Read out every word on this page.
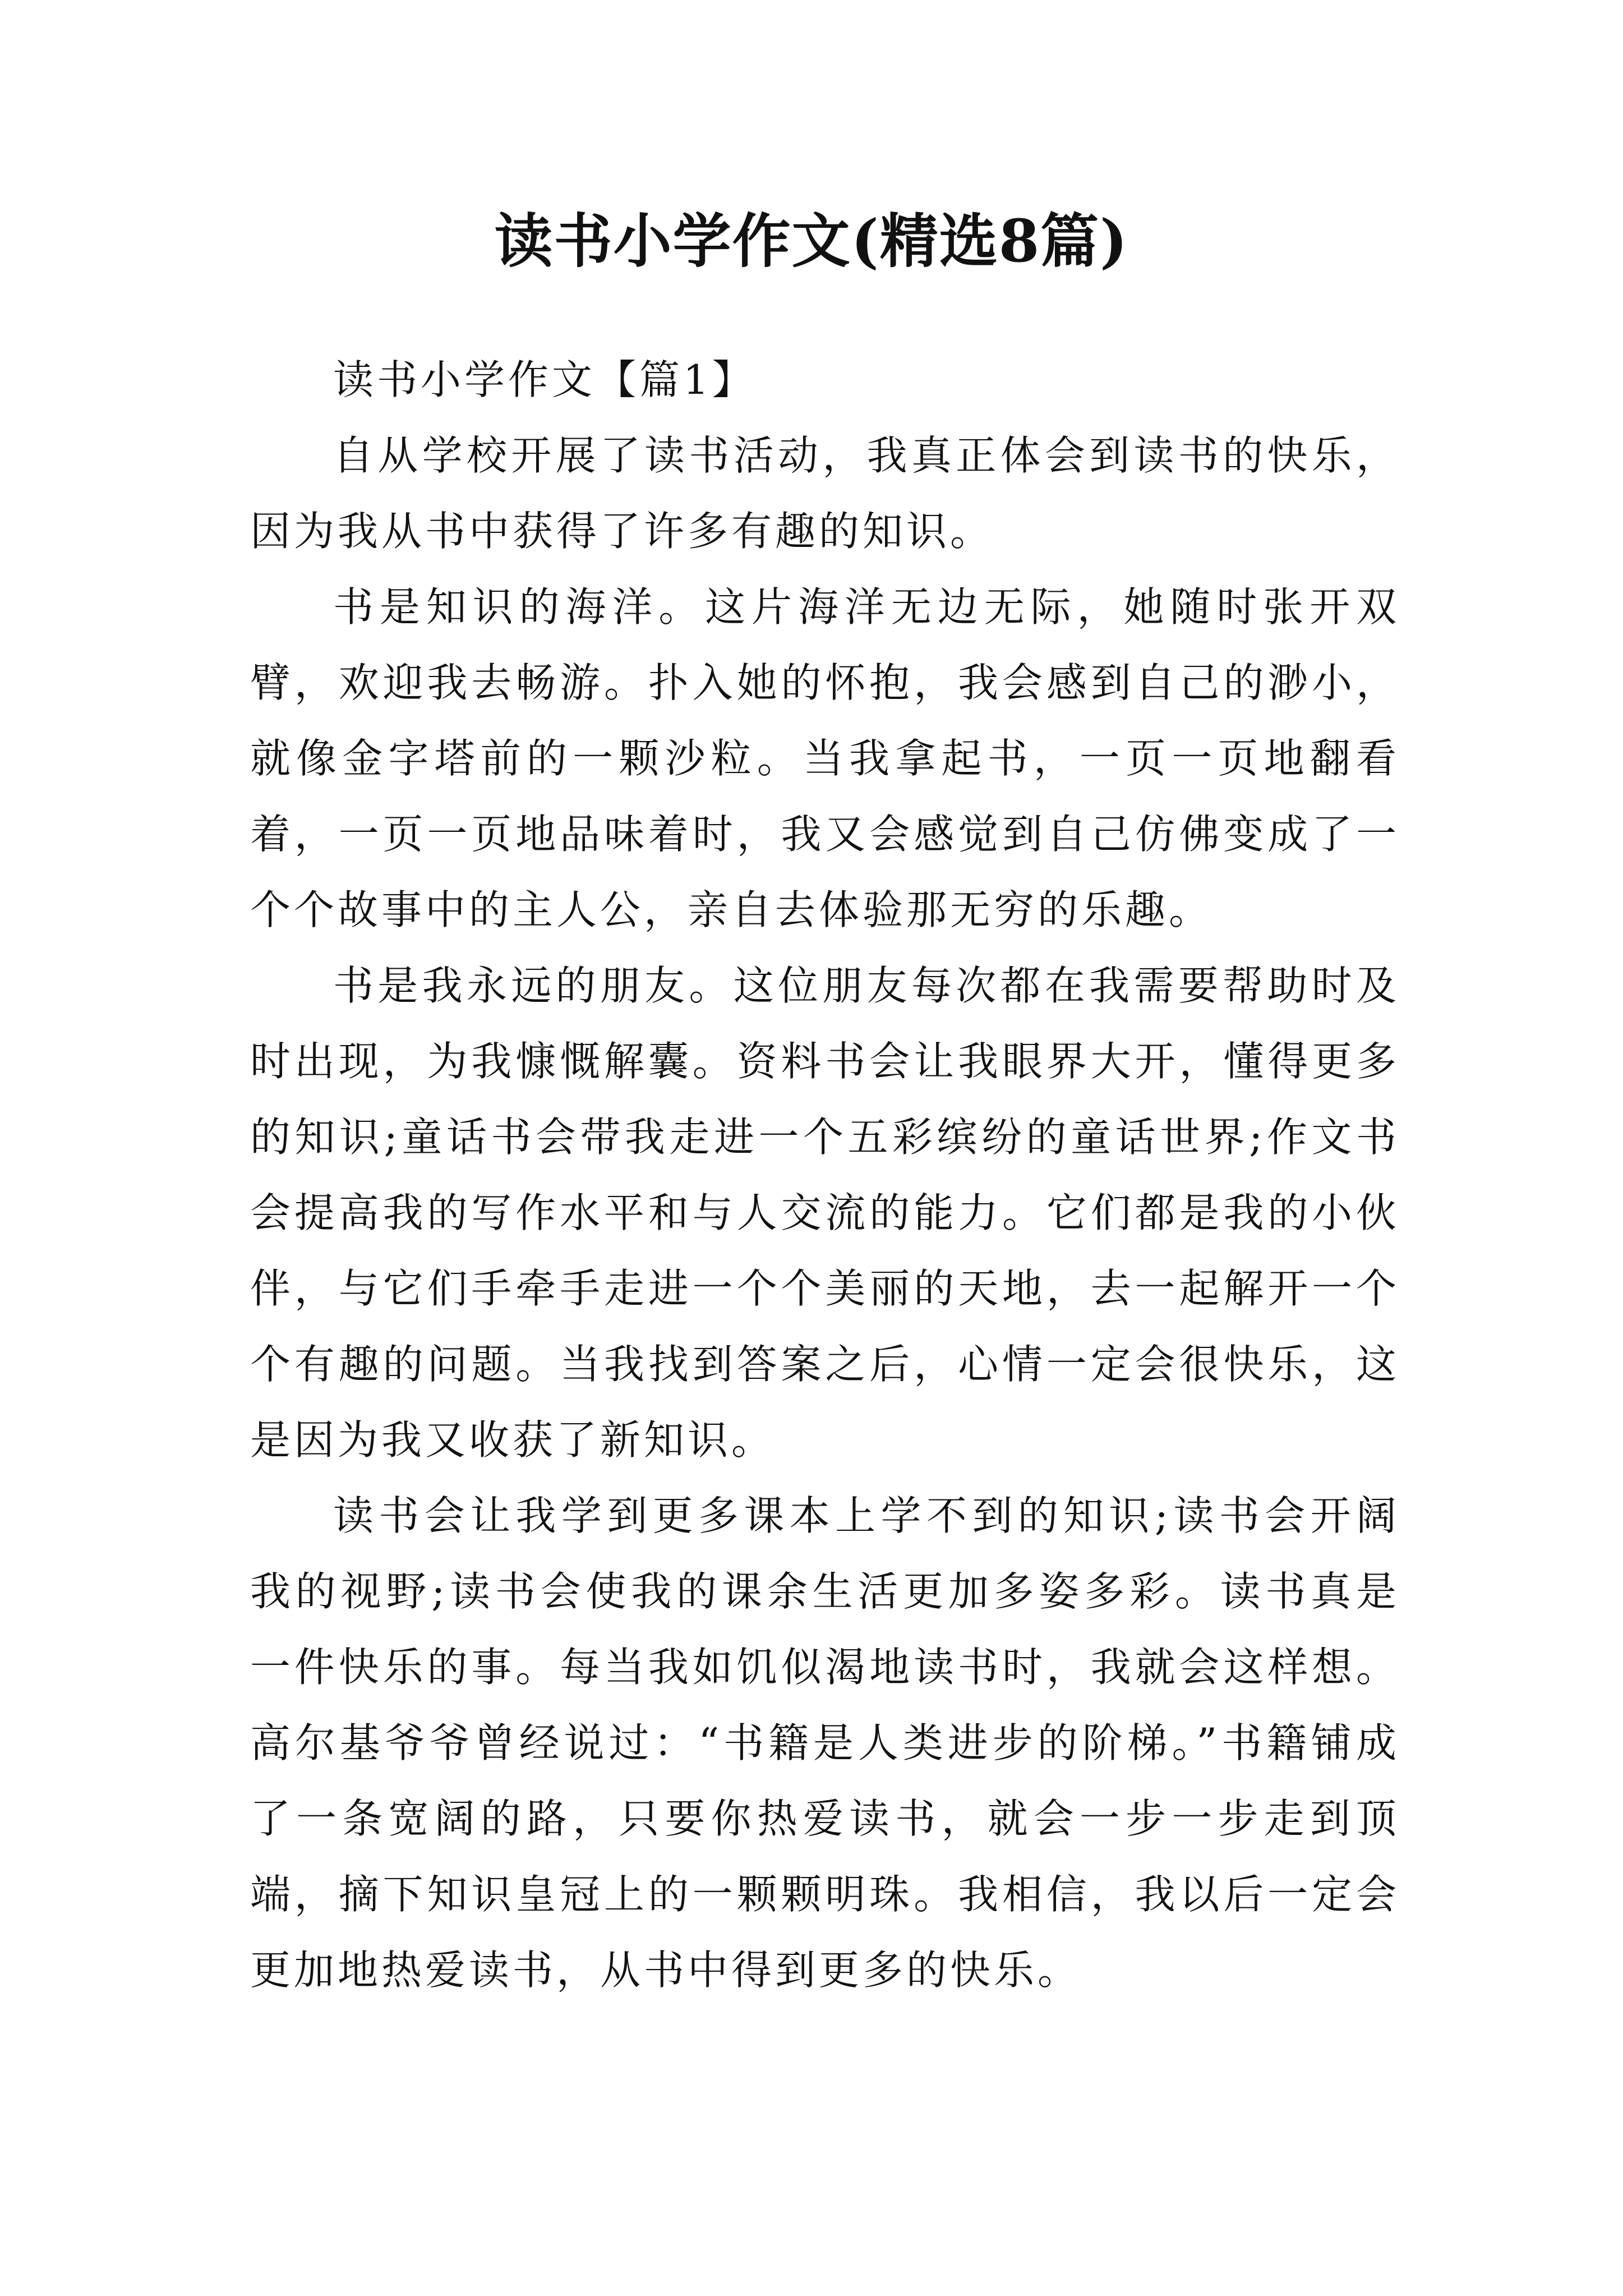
读书小学作文(精选8篇)
读书小学作文【篇1】

自从学校开展了读书活动，我真正体会到读书的快乐，因为我从书中获得了许多有趣的知识。

书是知识的海洋。这片海洋无边无际，她随时张开双臂，欢迎我去畅游。扑入她的怀抱，我会感到自己的渺小，就像金字塔前的一颗沙粒。当我拿起书，一页一页地翻看着，一页一页地品味着时，我又会感觉到自己仿佛变成了一个个故事中的主人公，亲自去体验那无穷的乐趣。

书是我永远的朋友。这位朋友每次都在我需要帮助时及时出现，为我慷慨解囊。资料书会让我眼界大开，懂得更多的知识;童话书会带我走进一个五彩缤纷的童话世界;作文书会提高我的写作水平和与人交流的能力。它们都是我的小伙伴，与它们手牵手走进一个个美丽的天地，去一起解开一个个有趣的问题。当我找到答案之后，心情一定会很快乐，这是因为我又收获了新知识。

读书会让我学到更多课本上学不到的知识;读书会开阔我的视野;读书会使我的课余生活更加多姿多彩。读书真是一件快乐的事。每当我如饥似渴地读书时，我就会这样想。高尔基爷爷曾经说过：“书籍是人类进步的阶梯。”书籍铺成了一条宽阔的路，只要你热爱读书，就会一步一步走到顶端，摘下知识皇冠上的一颗颗明珠。我相信，我以后一定会更加地热爱读书，从书中得到更多的快乐。
